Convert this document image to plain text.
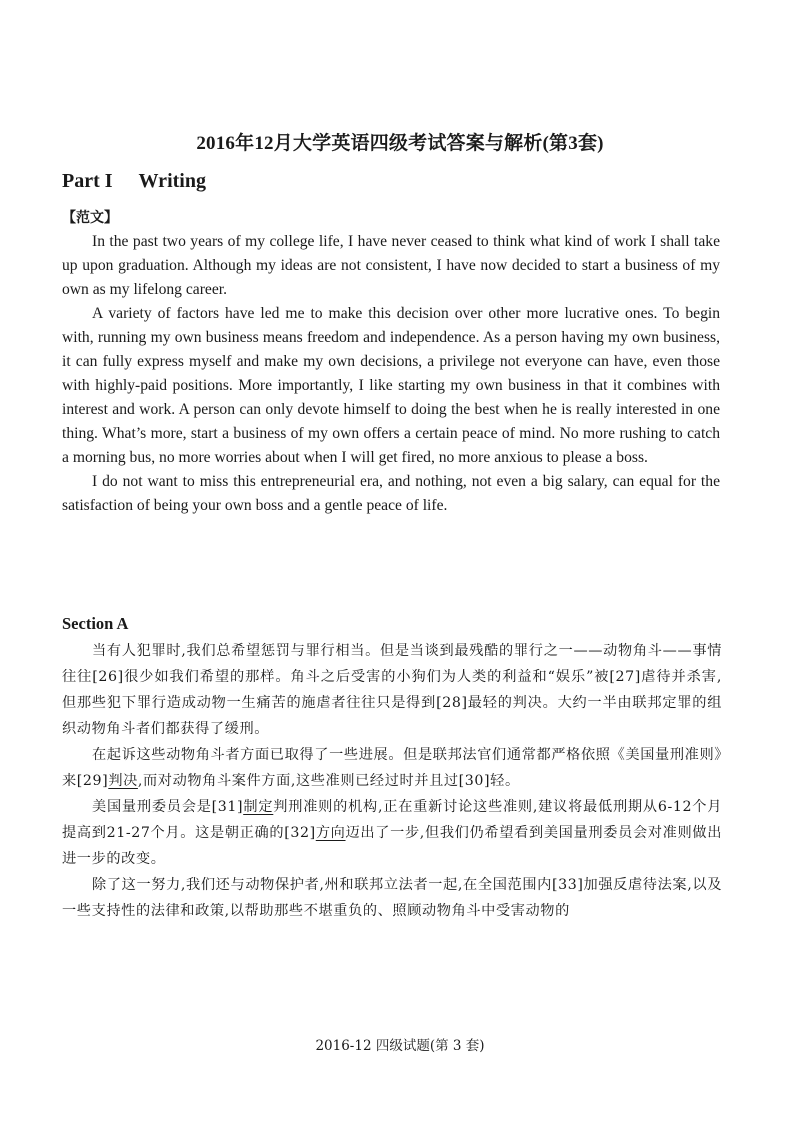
2016年12月大学英语四级考试答案与解析(第3套)
Part I Writing
【范文】

In the past two years of my college life, I have never ceased to think what kind of work I shall take up upon graduation. Although my ideas are not consistent, I have now decided to start a business of my own as my lifelong career.

A variety of factors have led me to make this decision over other more lucrative ones. To begin with, running my own business means freedom and independence. As a person having my own business, it can fully express myself and make my own decisions, a privilege not everyone can have, even those with highly-paid positions. More importantly, I like starting my own business in that it combines with interest and work. A person can only devote himself to doing the best when he is really interested in one thing. What’s more, start a business of my own offers a certain peace of mind. No more rushing to catch a morning bus, no more worries about when I will get fired, no more anxious to please a boss.

I do not want to miss this entrepreneurial era, and nothing, not even a big salary, can equal for the satisfaction of being your own boss and a gentle peace of life.

Section A

当有人犯罪时,我们总希望惩罚与罪行相当。但是当谈到最残酷的罪行之一——动物角斗——事情往往[26]很少如我们希望的那样。角斗之后受害的小狗们为人类的利益和“娱乐”被[27]虐待并杀害,但那些犯下罪行造成动物一生痛苦的施虐者往往只是得到[28]最轻的判决。大约一半由联邦定罪的组织动物角斗者们都获得了缓刑。

在起诉这些动物角斗者方面已取得了一些进展。但是联邦法官们通常都严格依照《美国量刑准则》来[29]判决,而对动物角斗案件方面,这些准则已经过时并且过[30]轻。

美国量刑委员会是[31]制定判刑准则的机构,正在重新讨论这些准则,建议将最低刑期从6-12个月提高到21-27个月。这是朝正确的[32]方向迈出了一步,但我们仍希望看到美国量刑委员会对准则做出进一步的改变。

除了这一努力,我们还与动物保护者,州和联邦立法者一起,在全国范围内[33]加强反虐待法案,以及一些支持性的法律和政策,以帮助那些不堪重负的、照顾动物角斗中受害动物的

2016-12 四级试题(第 3 套)
